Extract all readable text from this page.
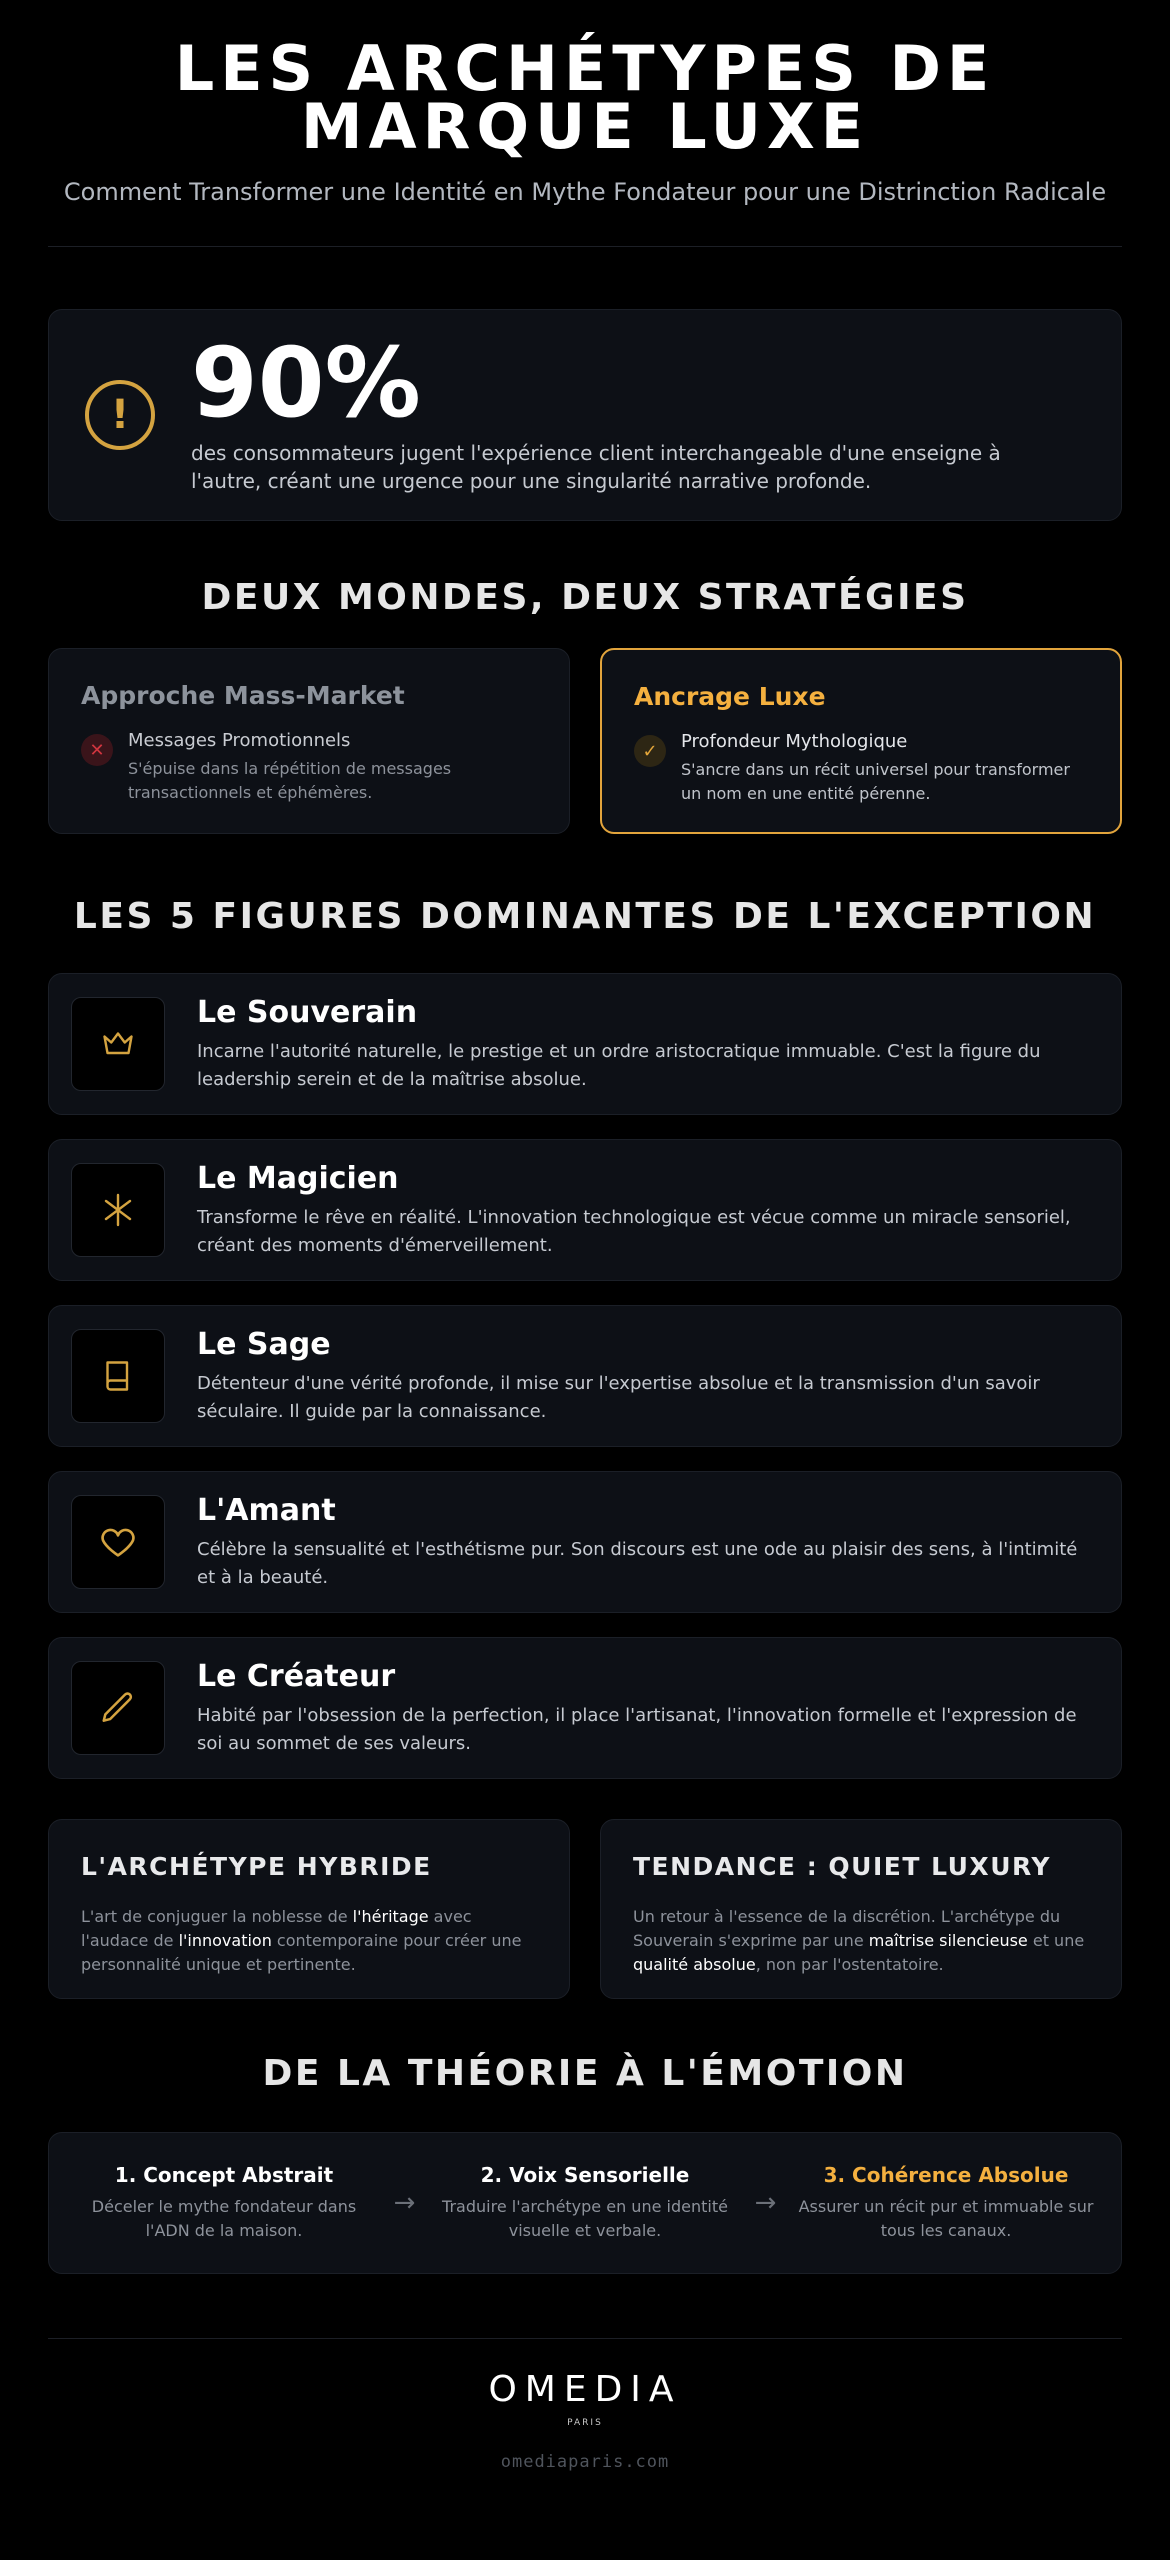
LES ARCHÉTYPES DE
MARQUE LUXE
Comment Transformer une Identité en Mythe Fondateur pour une Distrinction Radicale
! 90%
des consommateurs jugent l'expérience client interchangeable d'une enseigne à l'autre, créant une urgence pour une singularité narrative profonde.
DEUX MONDES, DEUX STRATÉGIES
Approche Mass-Market
✕	Messages Promotionnels
S'épuise dans la répétition de messages transactionnels et éphémères.
Ancrage Luxe
✓	Profondeur Mythologique
S'ancre dans un récit universel pour transformer un nom en une entité pérenne.
LES 5 FIGURES DOMINANTES DE L'EXCEPTION
Le Souverain

Incarne l'autorité naturelle, le prestige et un ordre aristocratique immuable. C'est la figure du leadership serein et de la maîtrise absolue.

Le Magicien

Transforme le rêve en réalité. L'innovation technologique est vécue comme un miracle sensoriel, créant des moments d'émerveillement.

Le Sage

Détenteur d'une vérité profonde, il mise sur l'expertise absolue et la transmission d'un savoir séculaire. Il guide par la connaissance.

L'Amant

Célèbre la sensualité et l'esthétisme pur. Son discours est une ode au plaisir des sens, à l'intimité et à la beauté.

Le Créateur

Habité par l'obsession de la perfection, il place l'artisanat, l'innovation formelle et l'expression de soi au sommet de ses valeurs.

L'ARCHÉTYPE HYBRIDE

L'art de conjuguer la noblesse de l'héritage avec l'audace de l'innovation contemporaine pour créer une personnalité unique et pertinente.

TENDANCE : QUIET LUXURY

Un retour à l'essence de la discrétion. L'archétype du Souverain s'exprime par une maîtrise silencieuse et une qualité absolue, non par l'ostentatoire.

DE LA THÉORIE À L'ÉMOTION
1. Concept Abstrait
Déceler le mythe fondateur dans l'ADN de la maison.
→
2. Voix Sensorielle
Traduire l'archétype en une identité visuelle et verbale.
→
3. Cohérence Absolue
Assurer un récit pur et immuable sur tous les canaux.
OMEDIA
PARIS
omediaparis.com
